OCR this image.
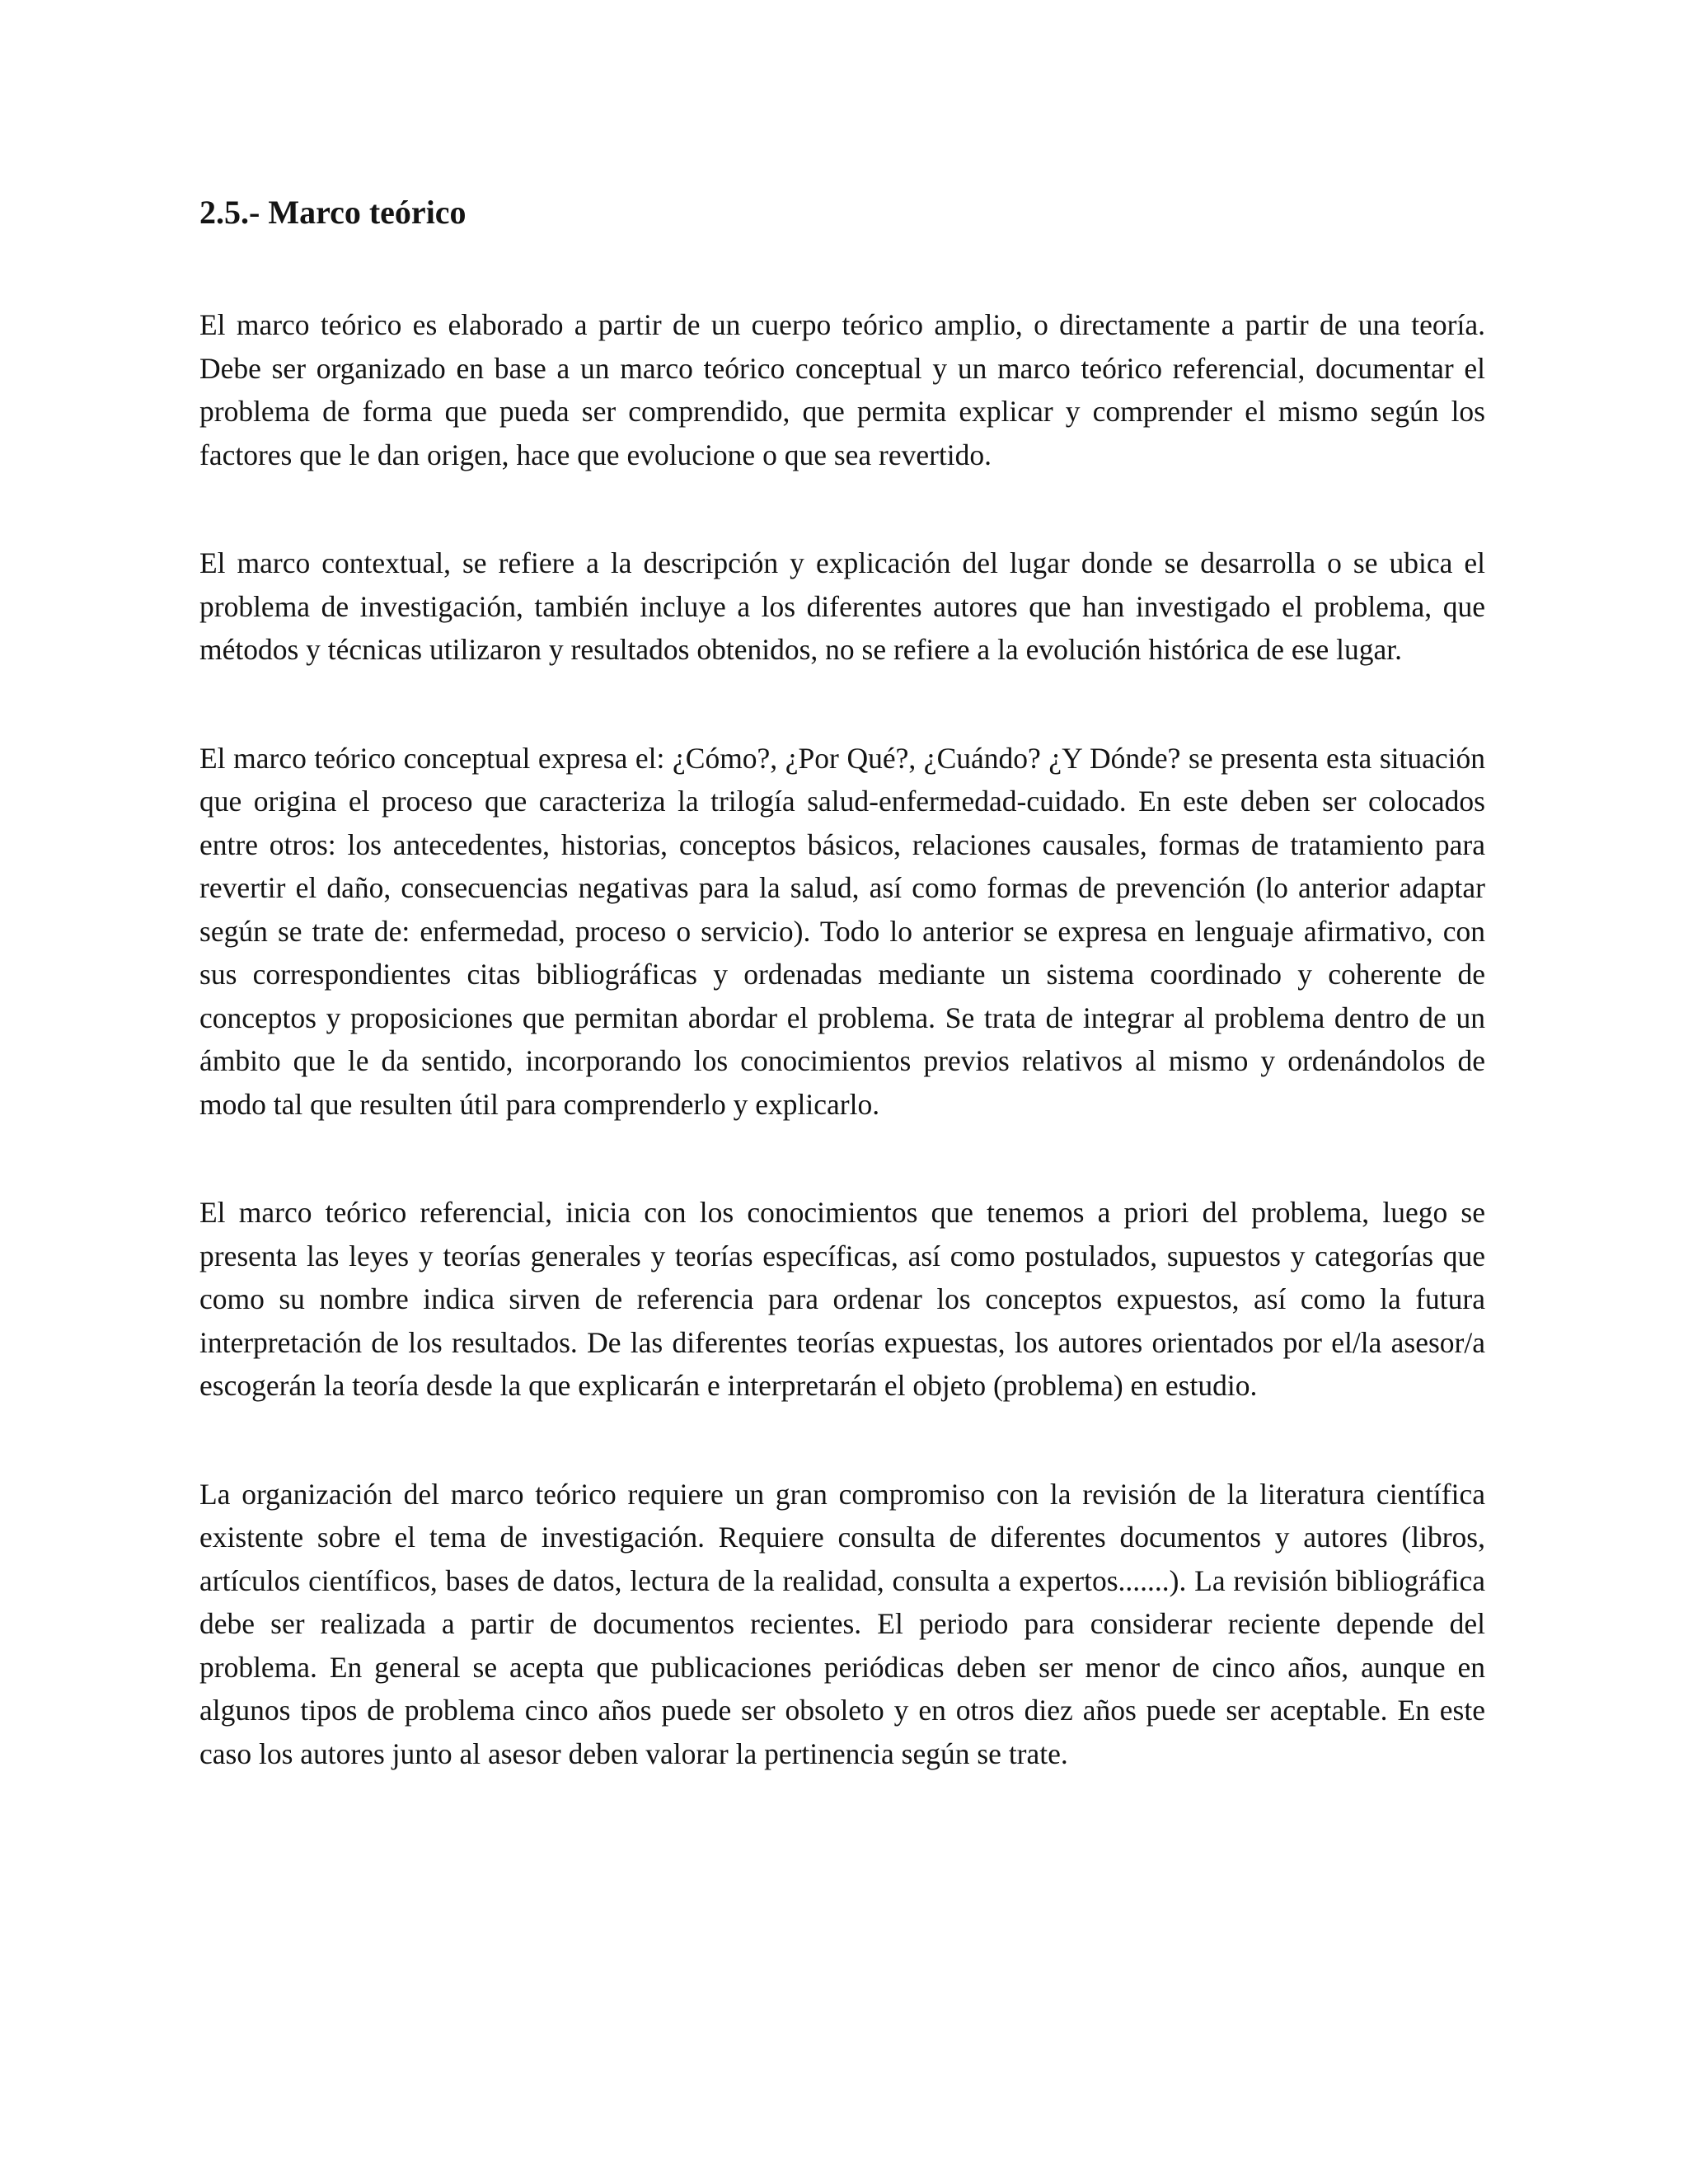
2.5.- Marco teórico

El marco teórico es elaborado a partir de un cuerpo teórico amplio, o directamente a partir de una teoría. Debe ser organizado en base a un marco teórico conceptual y un marco teórico referencial, documentar el problema de forma que pueda ser comprendido, que permita explicar y comprender el mismo según los factores que le dan origen, hace que evolucione o que sea revertido.

El marco contextual, se refiere a la descripción y explicación del lugar donde se desarrolla o se ubica el problema de investigación, también incluye a los diferentes autores que han investigado el problema, que métodos y técnicas utilizaron y resultados obtenidos, no se refiere a la evolución histórica de ese lugar.

El marco teórico conceptual expresa el: ¿Cómo?, ¿Por Qué?, ¿Cuándo? ¿Y Dónde? se presenta esta situación que origina el proceso que caracteriza la trilogía salud-enfermedad-cuidado. En este deben ser colocados entre otros: los antecedentes, historias, conceptos básicos, relaciones causales, formas de tratamiento para revertir el daño, consecuencias negativas para la salud, así como formas de prevención (lo anterior adaptar según se trate de: enfermedad, proceso o servicio). Todo lo anterior se expresa en lenguaje afirmativo, con sus correspondientes citas bibliográficas y ordenadas mediante un sistema coordinado y coherente de conceptos y proposiciones que permitan abordar el problema. Se trata de integrar al problema dentro de un ámbito que le da sentido, incorporando los conocimientos previos relativos al mismo y ordenándolos de modo tal que resulten útil para comprenderlo y explicarlo.

El marco teórico referencial, inicia con los conocimientos que tenemos a priori del problema, luego se presenta las leyes y teorías generales y teorías específicas, así como postulados, supuestos y categorías que como su nombre indica sirven de referencia para ordenar los conceptos expuestos, así como la futura interpretación de los resultados. De las diferentes teorías expuestas, los autores orientados por el/la asesor/a escogerán la teoría desde la que explicarán e interpretarán el objeto (problema) en estudio.

La organización del marco teórico requiere un gran compromiso con la revisión de la literatura científica existente sobre el tema de investigación. Requiere consulta de diferentes documentos y autores (libros, artículos científicos, bases de datos, lectura de la realidad, consulta a expertos.......). La revisión bibliográfica debe ser realizada a partir de documentos recientes. El periodo para considerar reciente depende del problema. En general se acepta que publicaciones periódicas deben ser menor de cinco años, aunque en algunos tipos de problema cinco años puede ser obsoleto y en otros diez años puede ser aceptable. En este caso los autores junto al asesor deben valorar la pertinencia según se trate.
